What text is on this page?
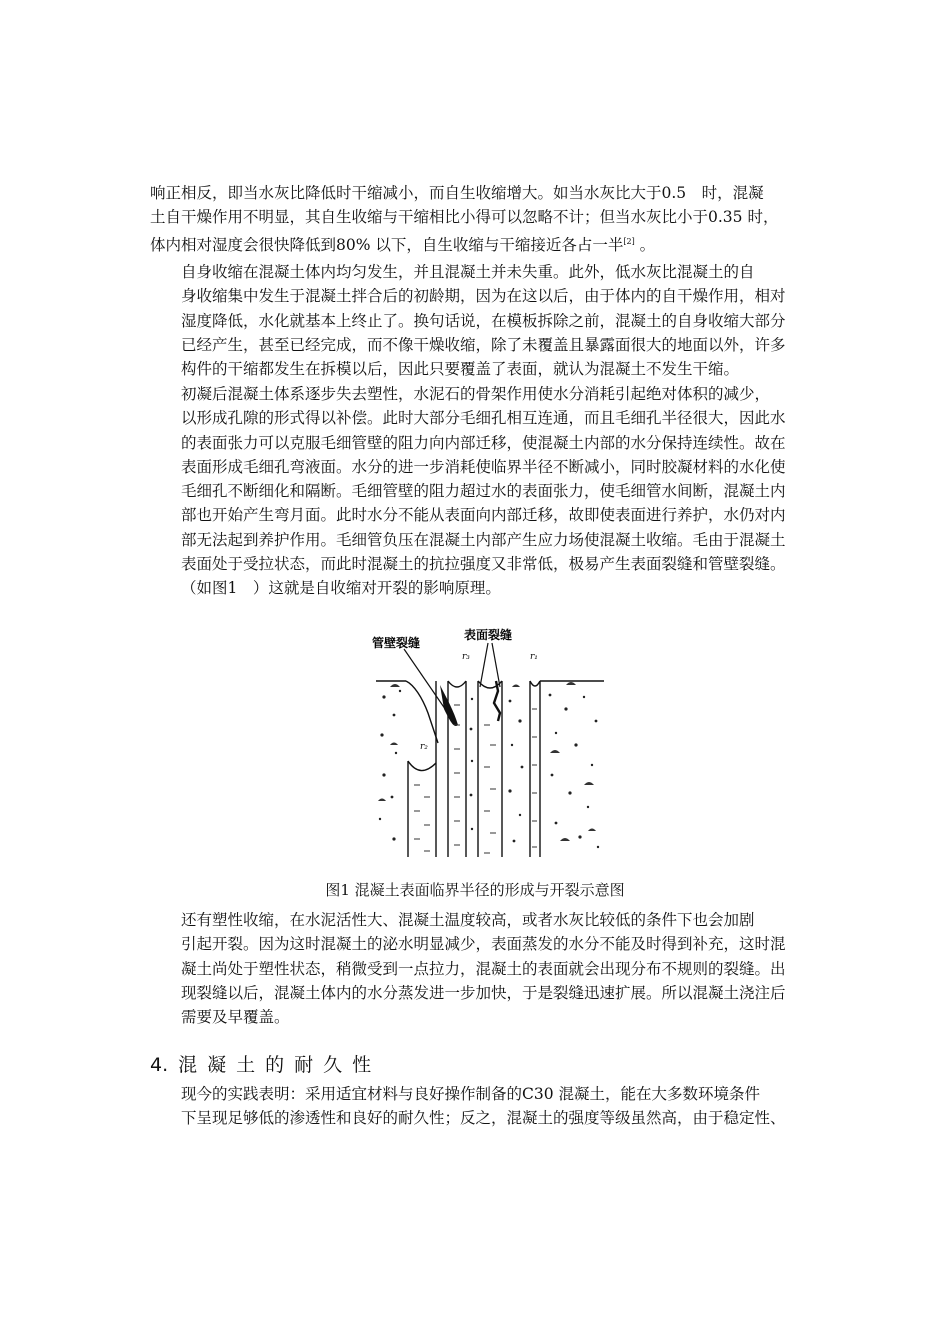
响正相反，即当水灰比降低时干缩减小，而自生收缩增大。如当水灰比大于0.5　时，混凝
土自干燥作用不明显，其自生收缩与干缩相比小得可以忽略不计；但当水灰比小于0.35 时，
体内相对湿度会很快降低到80% 以下，自生收缩与干缩接近各占一半[2] 。

自身收缩在混凝土体内均匀发生，并且混凝土并未失重。此外，低水灰比混凝土的自
身收缩集中发生于混凝土拌合后的初龄期，因为在这以后，由于体内的自干燥作用，相对
湿度降低，水化就基本上终止了。换句话说，在模板拆除之前，混凝土的自身收缩大部分
已经产生，甚至已经完成，而不像干燥收缩，除了未覆盖且暴露面很大的地面以外，许多
构件的干缩都发生在拆模以后，因此只要覆盖了表面，就认为混凝土不发生干缩。

初凝后混凝土体系逐步失去塑性，水泥石的骨架作用使水分消耗引起绝对体积的减少，
以形成孔隙的形式得以补偿。此时大部分毛细孔相互连通，而且毛细孔半径很大，因此水
的表面张力可以克服毛细管壁的阻力向内部迁移，使混凝土内部的水分保持连续性。故在
表面形成毛细孔弯液面。水分的进一步消耗使临界半径不断减小，同时胶凝材料的水化使
毛细孔不断细化和隔断。毛细管壁的阻力超过水的表面张力，使毛细管水间断，混凝土内
部也开始产生弯月面。此时水分不能从表面向内部迁移，故即使表面进行养护，水仍对内
部无法起到养护作用。毛细管负压在混凝土内部产生应力场使混凝土收缩。毛由于混凝土
表面处于受拉状态，而此时混凝土的抗拉强度又非常低，极易产生表面裂缝和管壁裂缝。
（如图1　）这就是自收缩对开裂的影响原理。

管壁裂缝
表面裂缝
r₂
r₃	r₁

图1 混凝土表面临界半径的形成与开裂示意图

还有塑性收缩，在水泥活性大、混凝土温度较高，或者水灰比较低的条件下也会加剧
引起开裂。因为这时混凝土的泌水明显减少，表面蒸发的水分不能及时得到补充，这时混
凝土尚处于塑性状态，稍微受到一点拉力，混凝土的表面就会出现分布不规则的裂缝。出
现裂缝以后，混凝土体内的水分蒸发进一步加快，于是裂缝迅速扩展。所以混凝土浇注后
需要及早覆盖。

4. 混凝土的耐久性

现今的实践表明：采用适宜材料与良好操作制备的C30 混凝土，能在大多数环境条件
下呈现足够低的渗透性和良好的耐久性；反之，混凝土的强度等级虽然高，由于稳定性、
